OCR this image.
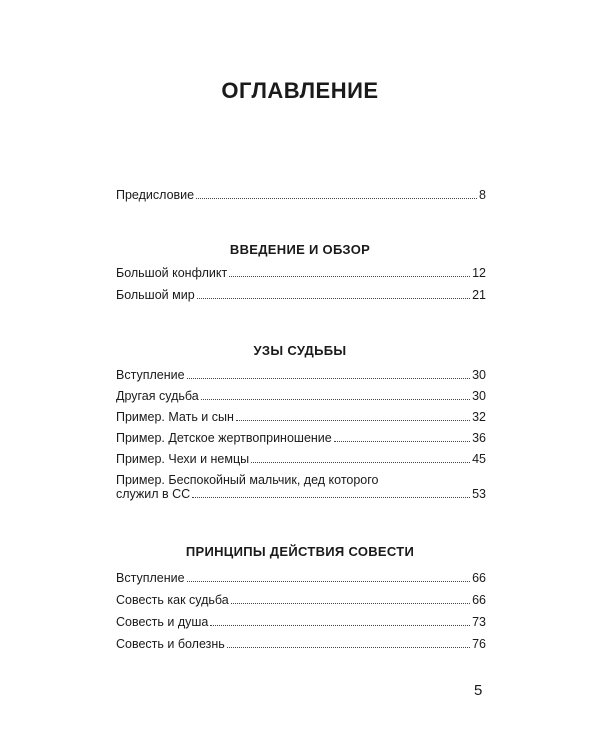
ОГЛАВЛЕНИЕ
Предисловие	8
ВВЕДЕНИЕ И ОБЗОР
Большой конфликт	12
Большой мир	21
УЗЫ СУДЬБЫ
Вступление	30
Другая судьба	30
Пример. Мать и сын	32
Пример. Детское жертвоприношение	36
Пример. Чехи и немцы	45
Пример. Беспокойный мальчик, дед которого
служил в СС	53
ПРИНЦИПЫ ДЕЙСТВИЯ СОВЕСТИ
Вступление	66
Совесть как судьба	66
Совесть и душа	73
Совесть и болезнь	76
5
